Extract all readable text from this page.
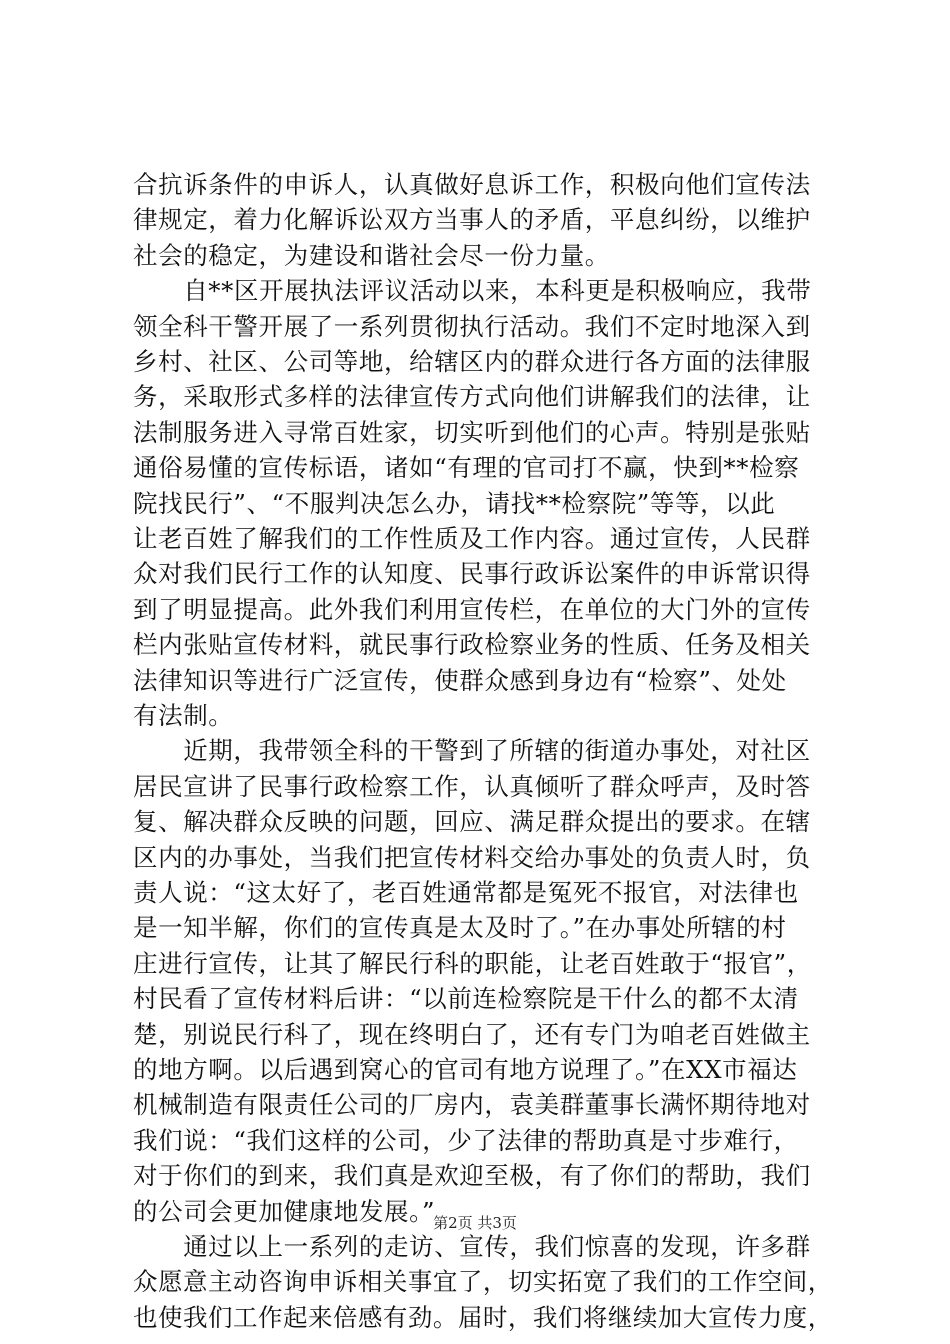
合抗诉条件的申诉人，认真做好息诉工作，积极向他们宣传法
律规定，着力化解诉讼双方当事人的矛盾，平息纠纷，以维护
社会的稳定，为建设和谐社会尽一份力量。
　　自**区开展执法评议活动以来，本科更是积极响应，我带
领全科干警开展了一系列贯彻执行活动。我们不定时地深入到
乡村、社区、公司等地，给辖区内的群众进行各方面的法律服
务，采取形式多样的法律宣传方式向他们讲解我们的法律，让
法制服务进入寻常百姓家，切实听到他们的心声。特别是张贴
通俗易懂的宣传标语，诸如“有理的官司打不赢，快到**检察
院找民行”、“不服判决怎么办，请找**检察院”等等，以此
让老百姓了解我们的工作性质及工作内容。通过宣传，人民群
众对我们民行工作的认知度、民事行政诉讼案件的申诉常识得
到了明显提高。此外我们利用宣传栏，在单位的大门外的宣传
栏内张贴宣传材料，就民事行政检察业务的性质、任务及相关
法律知识等进行广泛宣传，使群众感到身边有“检察”、处处
有法制。
　　近期，我带领全科的干警到了所辖的街道办事处，对社区
居民宣讲了民事行政检察工作，认真倾听了群众呼声，及时答
复、解决群众反映的问题，回应、满足群众提出的要求。在辖
区内的办事处，当我们把宣传材料交给办事处的负责人时，负
责人说：“这太好了，老百姓通常都是冤死不报官，对法律也
是一知半解，你们的宣传真是太及时了。”在办事处所辖的村
庄进行宣传，让其了解民行科的职能，让老百姓敢于“报官”，
村民看了宣传材料后讲：“以前连检察院是干什么的都不太清
楚，别说民行科了，现在终明白了，还有专门为咱老百姓做主
的地方啊。以后遇到窝心的官司有地方说理了。”在XX市福达
机械制造有限责任公司的厂房内，袁美群董事长满怀期待地对
我们说：“我们这样的公司，少了法律的帮助真是寸步难行，
对于你们的到来，我们真是欢迎至极，有了你们的帮助，我们
的公司会更加健康地发展。”
　　通过以上一系列的走访、宣传，我们惊喜的发现，许多群
众愿意主动咨询申诉相关事宜了，切实拓宽了我们的工作空间，
也使我们工作起来倍感有劲。届时，我们将继续加大宣传力度，
第2页 共3页
